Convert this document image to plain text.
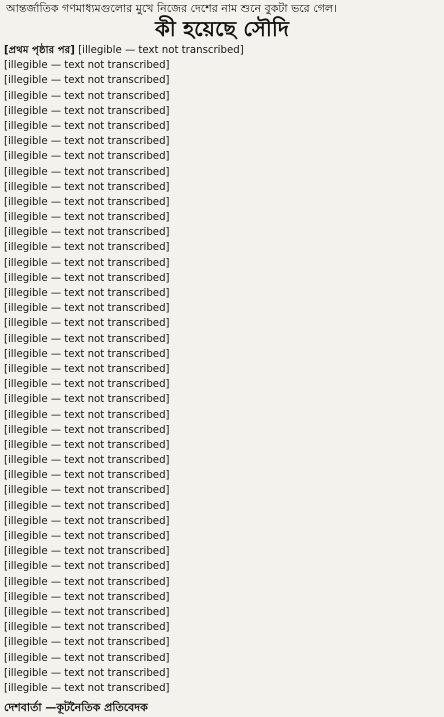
আন্তর্জাতিক গণমাধ্যমগুলোর মুখে নিজের দেশের নাম শুনে বুকটা ভরে গেল।
কী হয়েছে সৌদি
[প্রথম পৃষ্ঠার পর] [illegible — text not transcribed]
[illegible — text not transcribed]
[illegible — text not transcribed]
[illegible — text not transcribed]
[illegible — text not transcribed]
[illegible — text not transcribed]
[illegible — text not transcribed]
[illegible — text not transcribed]
[illegible — text not transcribed]
[illegible — text not transcribed]
[illegible — text not transcribed]
[illegible — text not transcribed]
[illegible — text not transcribed]
[illegible — text not transcribed]
[illegible — text not transcribed]
[illegible — text not transcribed]
[illegible — text not transcribed]
[illegible — text not transcribed]
[illegible — text not transcribed]
[illegible — text not transcribed]
[illegible — text not transcribed]
[illegible — text not transcribed]
[illegible — text not transcribed]
[illegible — text not transcribed]
[illegible — text not transcribed]
[illegible — text not transcribed]
[illegible — text not transcribed]
[illegible — text not transcribed]
[illegible — text not transcribed]
[illegible — text not transcribed]
[illegible — text not transcribed]
[illegible — text not transcribed]
[illegible — text not transcribed]
[illegible — text not transcribed]
[illegible — text not transcribed]
[illegible — text not transcribed]
[illegible — text not transcribed]
[illegible — text not transcribed]
[illegible — text not transcribed]
[illegible — text not transcribed]
[illegible — text not transcribed]
[illegible — text not transcribed]
[illegible — text not transcribed]
দেশবার্তা —কূটনৈতিক প্রতিবেদক
